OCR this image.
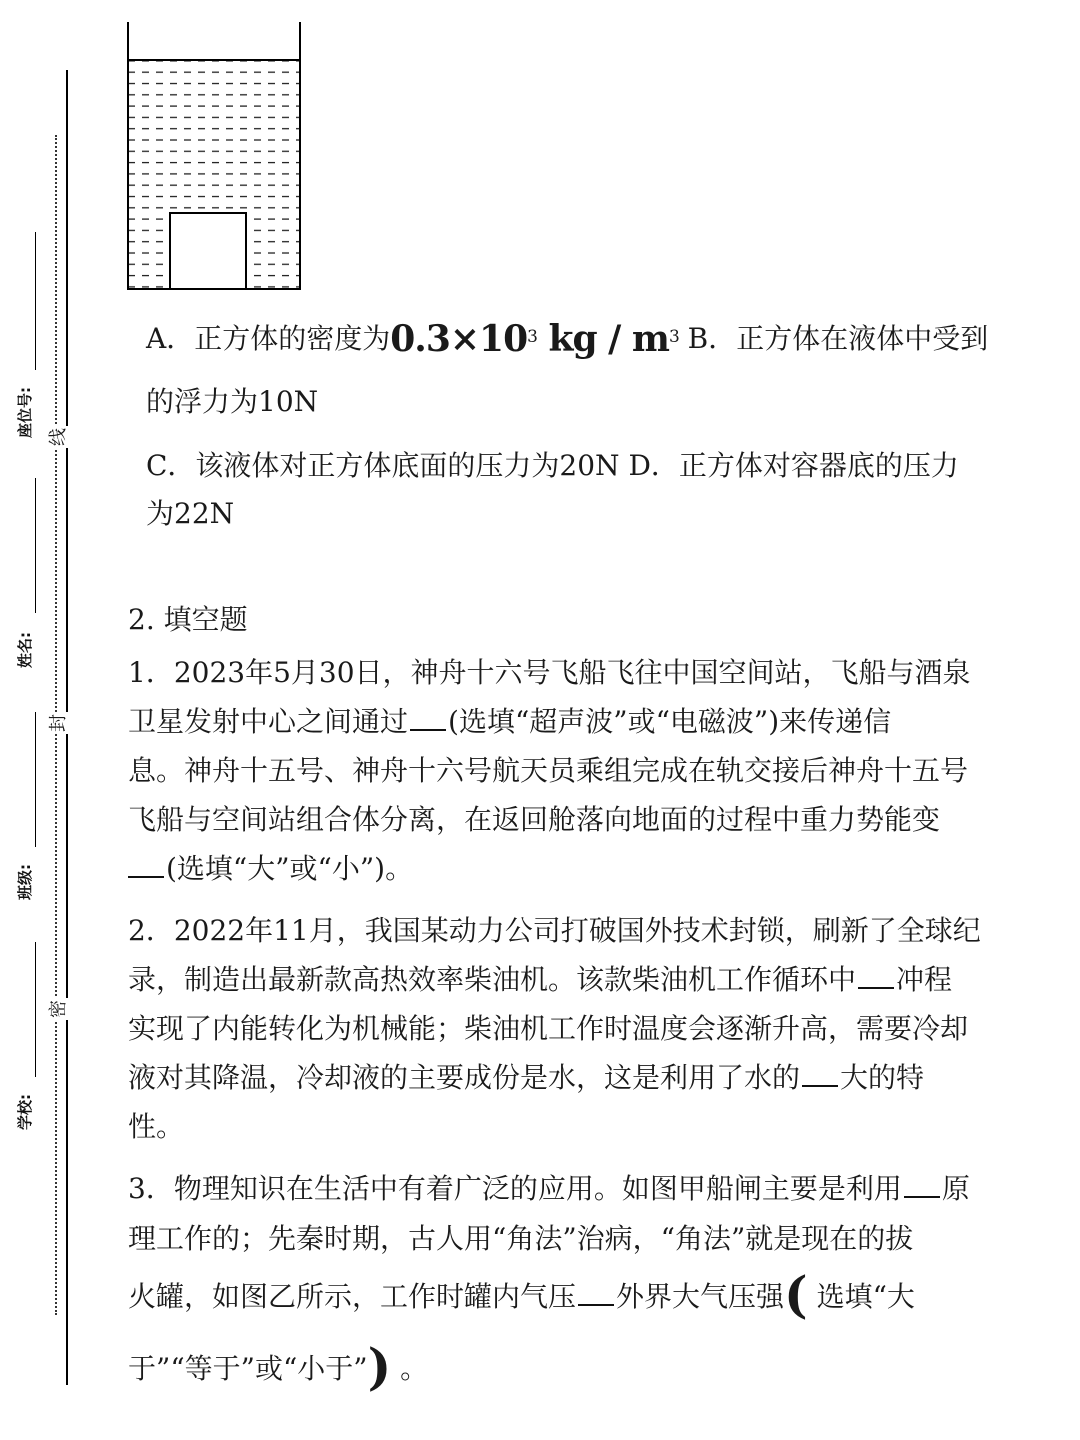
座位号:
姓名:
班级:
学校:
线
封
密

A．正方体的密度为$0.3\times 10^3$ kg / $m^3$ B．正方体在液体中受到

的浮力为10N

C．该液体对正方体底面的压力为20N D．正方体对容器底的压力

为22N

2. 填空题

1．2023年5月30日，神舟十六号飞船飞往中国空间站，飞船与酒泉

卫星发射中心之间通过 (选填“超声波”或“电磁波”)来传递信

息。神舟十五号、神舟十六号航天员乘组完成在轨交接后神舟十五号

飞船与空间站组合体分离，在返回舱落向地面的过程中重力势能变

(选填“大”或“小”)。

2．2022年11月，我国某动力公司打破国外技术封锁，刷新了全球纪

录，制造出最新款高热效率柴油机。该款柴油机工作循环中 冲程

实现了内能转化为机械能；柴油机工作时温度会逐渐升高，需要冷却

液对其降温，冷却液的主要成份是水，这是利用了水的 大的特

性。

3．物理知识在生活中有着广泛的应用。如图甲船闸主要是利用 原

理工作的；先秦时期，古人用“角法”治病，“角法”就是现在的拔

火罐，如图乙所示，工作时罐内气压 外界大气压强( 选填“大

于”“等于”或“小于”) 。
